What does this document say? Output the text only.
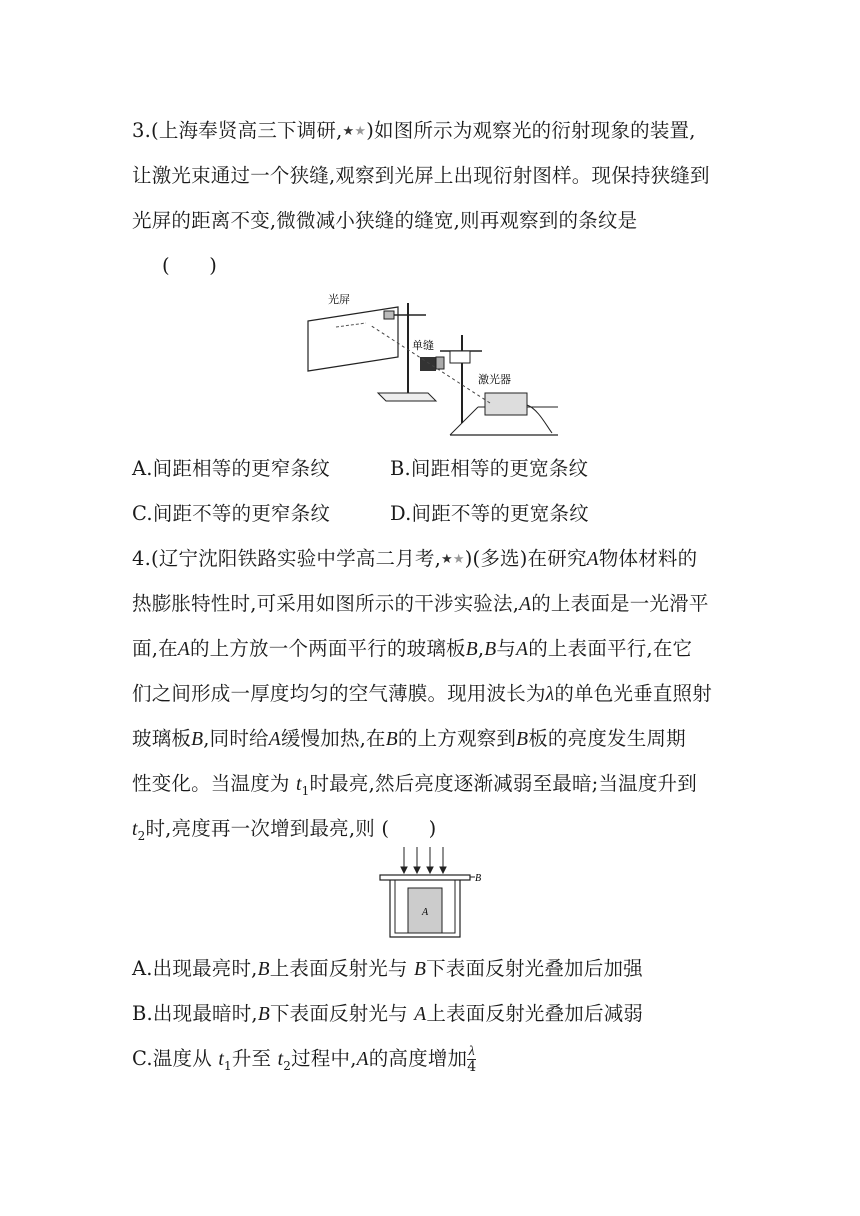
3.(上海奉贤高三下调研,★★)如图所示为观察光的衍射现象的装置,
让激光束通过一个狭缝,观察到光屏上出现衍射图样。现保持狭缝到
光屏的距离不变,微微减小狭缝的缝宽,则再观察到的条纹是
(　　)
光屏
单缝
激光器
A.间距相等的更窄条纹	B.间距相等的更宽条纹
C.间距不等的更窄条纹	D.间距不等的更宽条纹
4.(辽宁沈阳铁路实验中学高二月考,★★)(多选)在研究A物体材料的
热膨胀特性时,可采用如图所示的干涉实验法,A的上表面是一光滑平
面,在A的上方放一个两面平行的玻璃板B,B与A的上表面平行,在它
们之间形成一厚度均匀的空气薄膜。现用波长为λ的单色光垂直照射
玻璃板B,同时给A缓慢加热,在B的上方观察到B板的亮度发生周期
性变化。当温度为 $t_1$时最亮,然后亮度逐渐减弱至最暗;当温度升到
$t_2$时,亮度再一次增到最亮,则 (　　)
B
A
A.出现最亮时,B上表面反射光与 B下表面反射光叠加后加强
B.出现最暗时,B下表面反射光与 A上表面反射光叠加后减弱
C.温度从 $t_1$升至 $t_2$过程中,A的高度增加 $\frac{\lambda}{4}$
